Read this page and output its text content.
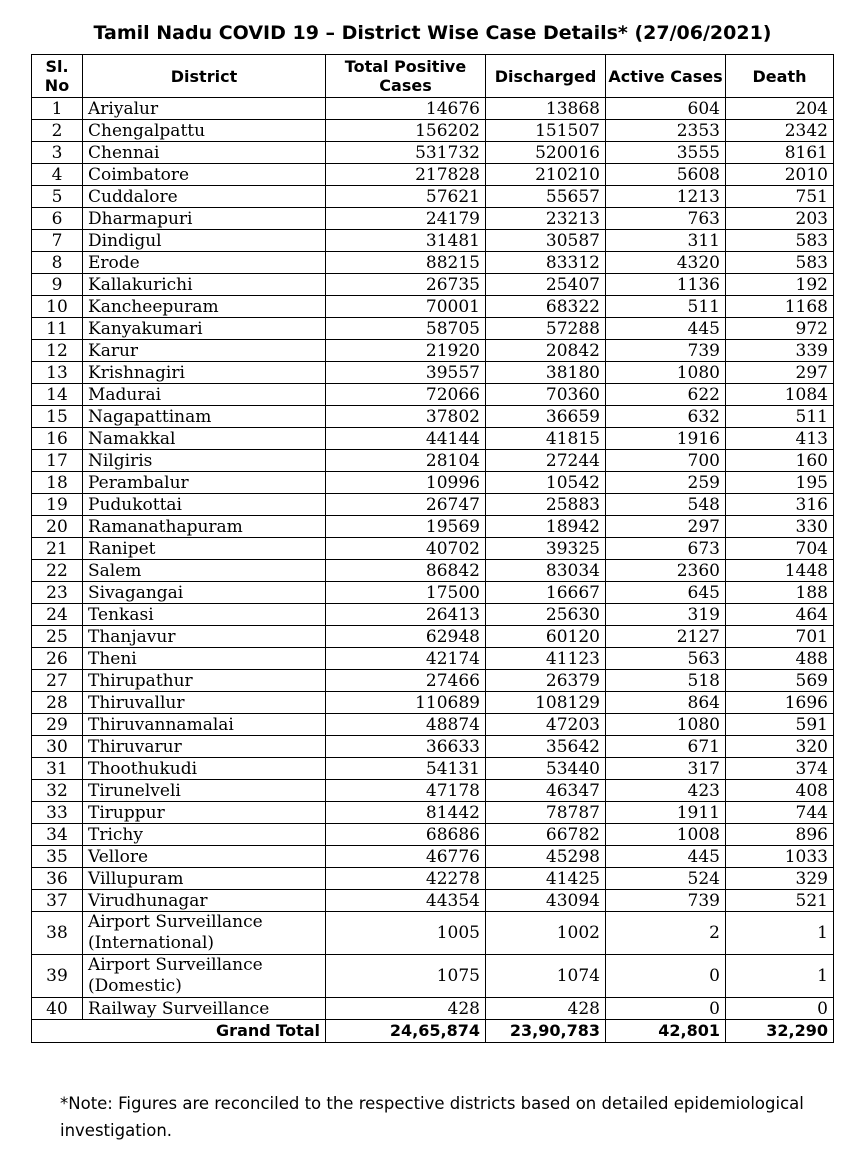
Tamil Nadu COVID 19 – District Wise Case Details* (27/06/2021)
Sl. No	District	Total Positive Cases	Discharged	Active Cases	Death
1	Ariyalur	14676	13868	604	204
2	Chengalpattu	156202	151507	2353	2342
3	Chennai	531732	520016	3555	8161
4	Coimbatore	217828	210210	5608	2010
5	Cuddalore	57621	55657	1213	751
6	Dharmapuri	24179	23213	763	203
7	Dindigul	31481	30587	311	583
8	Erode	88215	83312	4320	583
9	Kallakurichi	26735	25407	1136	192
10	Kancheepuram	70001	68322	511	1168
11	Kanyakumari	58705	57288	445	972
12	Karur	21920	20842	739	339
13	Krishnagiri	39557	38180	1080	297
14	Madurai	72066	70360	622	1084
15	Nagapattinam	37802	36659	632	511
16	Namakkal	44144	41815	1916	413
17	Nilgiris	28104	27244	700	160
18	Perambalur	10996	10542	259	195
19	Pudukottai	26747	25883	548	316
20	Ramanathapuram	19569	18942	297	330
21	Ranipet	40702	39325	673	704
22	Salem	86842	83034	2360	1448
23	Sivagangai	17500	16667	645	188
24	Tenkasi	26413	25630	319	464
25	Thanjavur	62948	60120	2127	701
26	Theni	42174	41123	563	488
27	Thirupathur	27466	26379	518	569
28	Thiruvallur	110689	108129	864	1696
29	Thiruvannamalai	48874	47203	1080	591
30	Thiruvarur	36633	35642	671	320
31	Thoothukudi	54131	53440	317	374
32	Tirunelveli	47178	46347	423	408
33	Tiruppur	81442	78787	1911	744
34	Trichy	68686	66782	1008	896
35	Vellore	46776	45298	445	1033
36	Villupuram	42278	41425	524	329
37	Virudhunagar	44354	43094	739	521
38	Airport Surveillance (International)	1005	1002	2	1
39	Airport Surveillance (Domestic)	1075	1074	0	1
40	Railway Surveillance	428	428	0	0
Grand Total		24,65,874	23,90,783	42,801	32,290
*Note: Figures are reconciled to the respective districts based on detailed epidemiological investigation.
